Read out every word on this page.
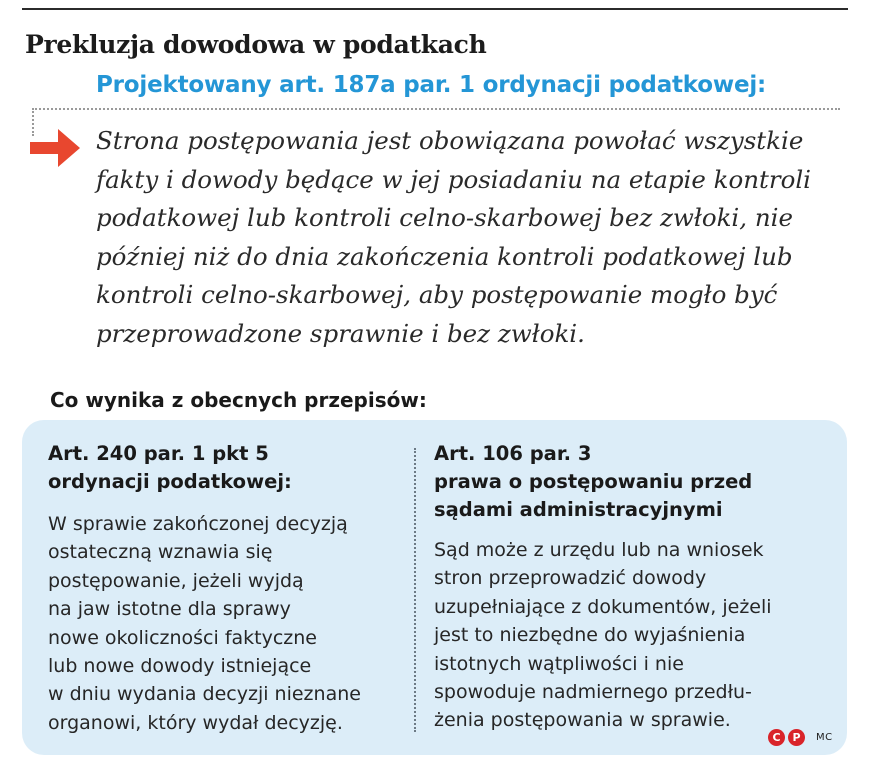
Prekluzja dowodowa w podatkach
Projektowany art. 187a par. 1 ordynacji podatkowej:
Strona postępowania jest obowiązana powołać wszystkie
fakty i dowody będące w jej posiadaniu na etapie kontroli
podatkowej lub kontroli celno-skarbowej bez zwłoki, nie
później niż do dnia zakończenia kontroli podatkowej lub
kontroli celno-skarbowej, aby postępowanie mogło być
przeprowadzone sprawnie i bez zwłoki.
Co wynika z obecnych przepisów:
Art. 240 par. 1 pkt 5
ordynacji podatkowej:
W sprawie zakończonej decyzją
ostateczną wznawia się
postępowanie, jeżeli wyjdą
na jaw istotne dla sprawy
nowe okoliczności faktyczne
lub nowe dowody istniejące
w dniu wydania decyzji nieznane
organowi, który wydał decyzję.
Art. 106 par. 3
prawa o postępowaniu przed
sądami administracyjnymi
Sąd może z urzędu lub na wniosek
stron przeprowadzić dowody
uzupełniające z dokumentów, jeżeli
jest to niezbędne do wyjaśnienia
istotnych wątpliwości i nie
spowoduje nadmiernego przedłu-
żenia postępowania w sprawie.
C	P	MC
